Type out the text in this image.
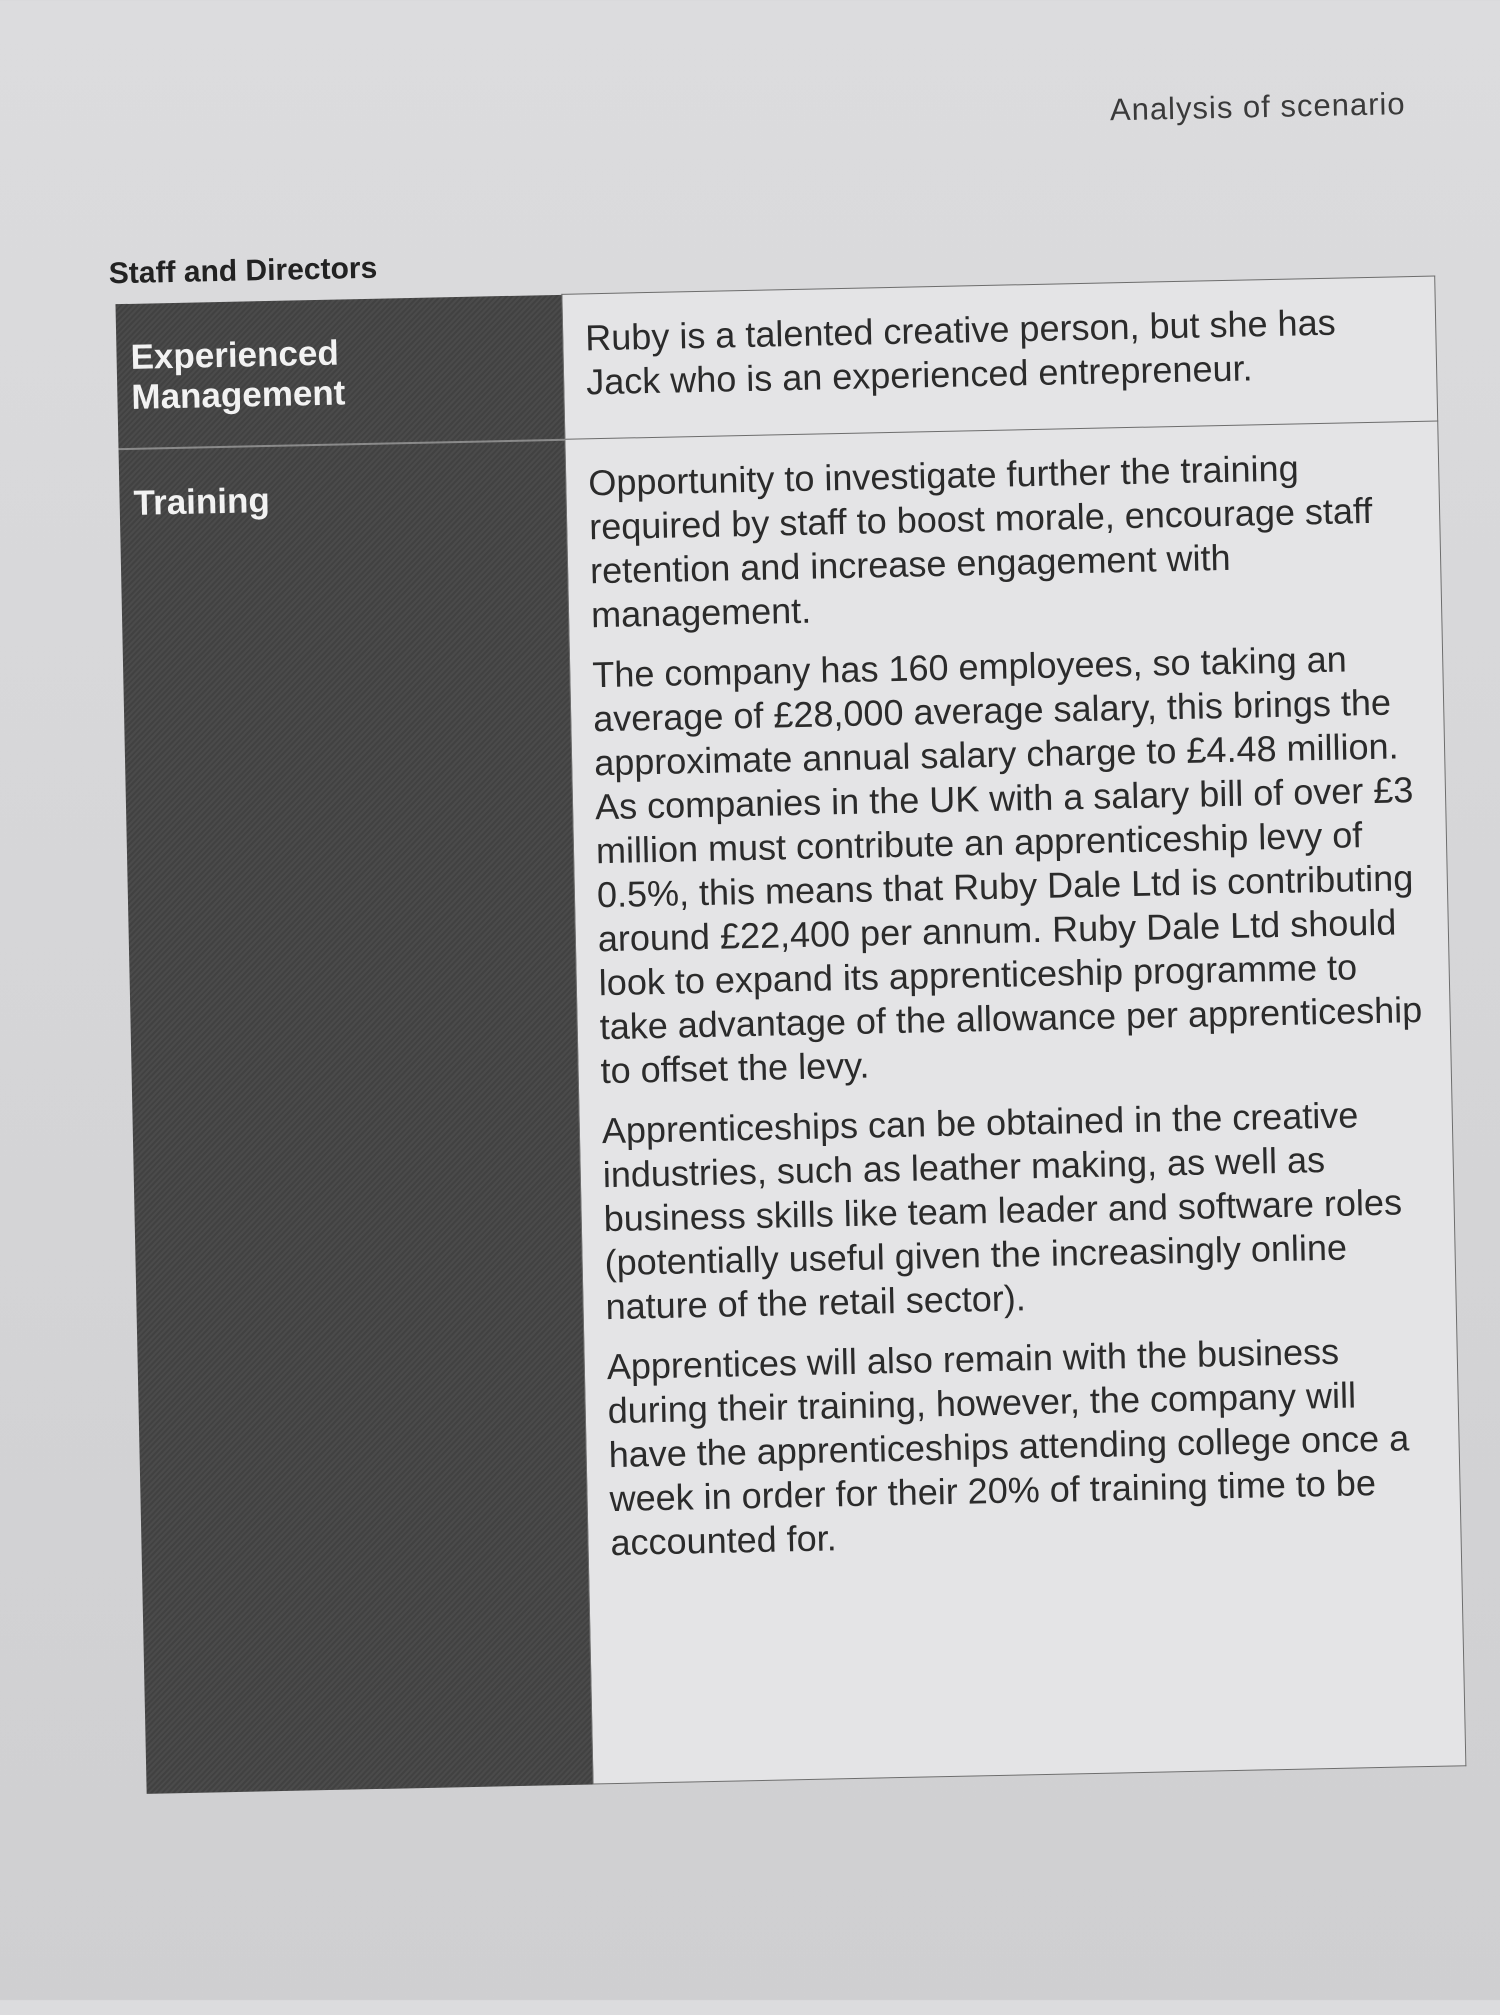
Analysis of scenario
Staff and Directors
Experienced
Management	Ruby is a talented creative person, but she has Jack who is an experienced entrepreneur.

Training	Opportunity to investigate further the training required by staff to boost morale, encourage staff retention and increase engagement with management.

The company has 160 employees, so taking an average of £28,000 average salary, this brings the approximate annual salary charge to £4.48 million. As companies in the UK with a salary bill of over £3 million must contribute an apprenticeship levy of 0.5%, this means that Ruby Dale Ltd is contributing around £22,400 per annum. Ruby Dale Ltd should look to expand its apprenticeship programme to take advantage of the allowance per apprenticeship to offset the levy.

Apprenticeships can be obtained in the creative industries, such as leather making, as well as business skills like team leader and software roles (potentially useful given the increasingly online nature of the retail sector).

Apprentices will also remain with the business during their training, however, the company will have the apprenticeships attending college once a week in order for their 20% of training time to be accounted for.
